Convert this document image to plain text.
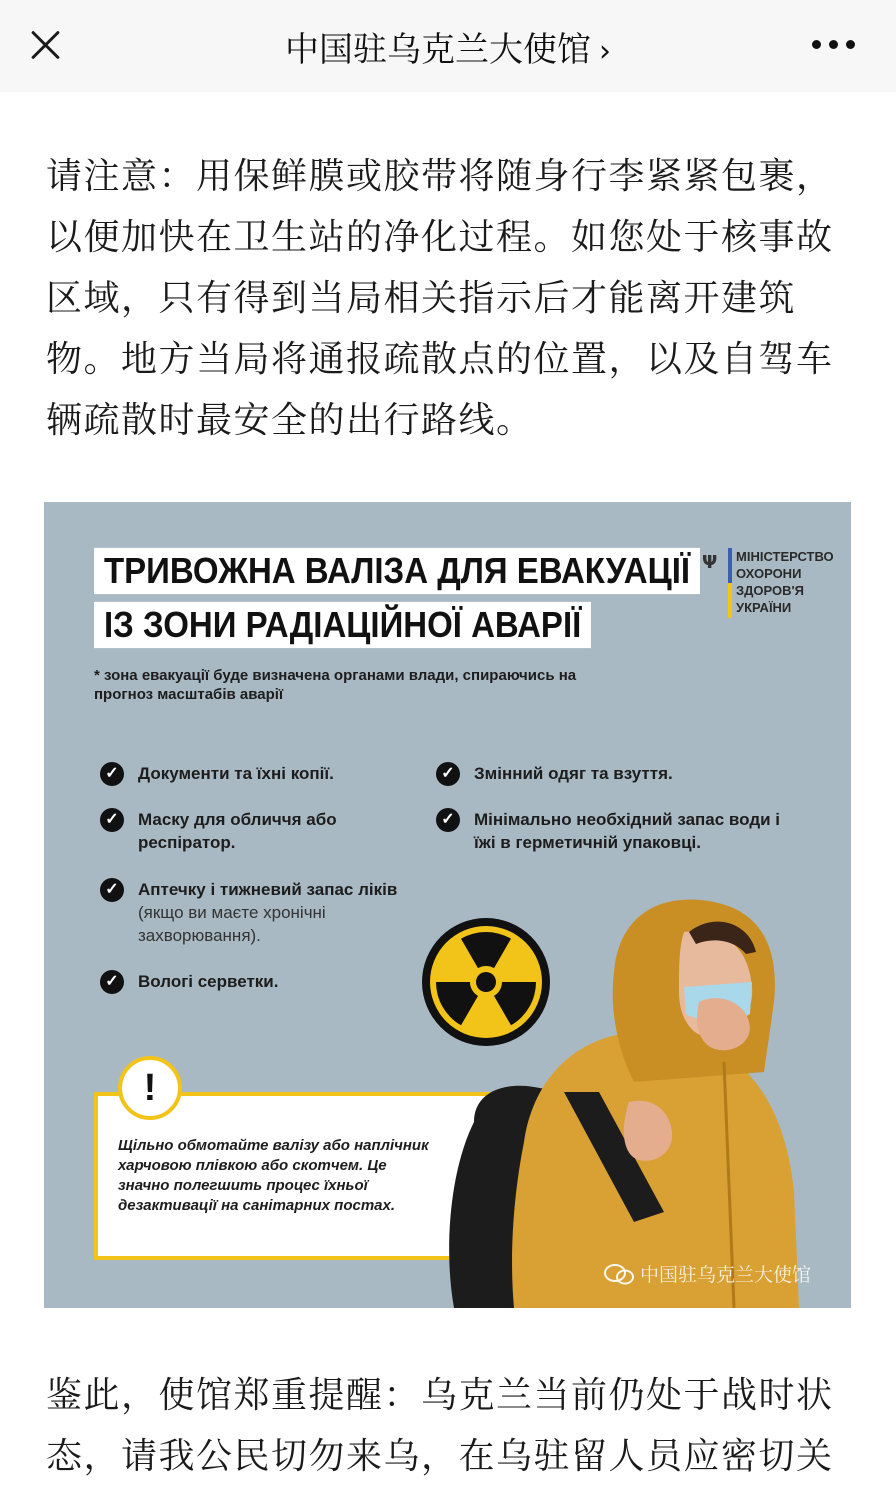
中国驻乌克兰大使馆 ›
请注意：用保鲜膜或胶带将随身行李紧紧包裹，以便加快在卫生站的净化过程。如您处于核事故区域，只有得到当局相关指示后才能离开建筑物。地方当局将通报疏散点的位置，以及自驾车辆疏散时最安全的出行路线。
ТРИВОЖНА ВАЛІЗА ДЛЯ ЕВАКУАЦІЇ
ІЗ ЗОНИ РАДІАЦІЙНОЇ АВАРІЇ
Ψ МІНІСТЕРСТВО
ОХОРОНИ
ЗДОРОВ'Я
УКРАЇНИ
* зона евакуації буде визначена органами влади, спираючись на прогноз масштабів аварії
✓	Документи та їхні копії.
✓	Маску для обличчя або респіратор.
✓	Аптечку і тижневий запас ліків (якщо ви маєте хронічні захворювання).
✓	Вологі серветки.
✓	Змінний одяг та взуття.
✓	Мінімально необхідний запас води і їжі в герметичній упаковці.
!
Щільно обмотайте валізу або наплічник харчовою плівкою або скотчем. Це значно полегшить процес їхньої дезактивації на санітарних постах.
中国驻乌克兰大使馆
鉴此，使馆郑重提醒：乌克兰当前仍处于战时状态，请我公民切勿来乌，在乌驻留人员应密切关
